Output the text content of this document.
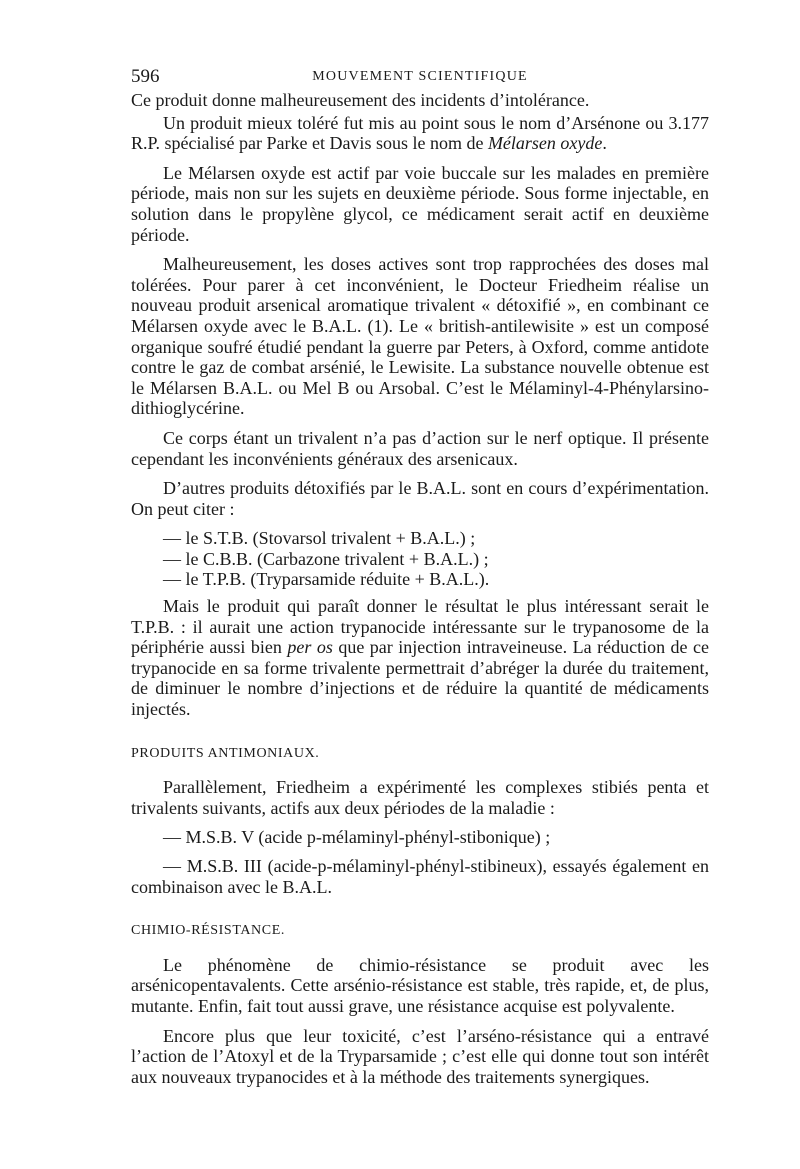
596	MOUVEMENT SCIENTIFIQUE

Ce produit donne malheureusement des incidents d’intolérance.

Un produit mieux toléré fut mis au point sous le nom d’Arsénone ou 3.177 R.P. spécialisé par Parke et Davis sous le nom de Mélarsen oxyde.

Le Mélarsen oxyde est actif par voie buccale sur les malades en première période, mais non sur les sujets en deuxième période. Sous forme injectable, en solution dans le propylène glycol, ce médicament serait actif en deuxième période.

Malheureusement, les doses actives sont trop rapprochées des doses mal tolérées. Pour parer à cet inconvénient, le Docteur Friedheim réalise un nouveau produit arsenical aromatique trivalent « détoxifié », en combinant ce Mélarsen oxyde avec le B.A.L. (1). Le « british-antilewisite » est un composé organique soufré étudié pendant la guerre par Peters, à Oxford, comme antidote contre le gaz de combat arsénié, le Lewisite. La substance nouvelle obtenue est le Mélarsen B.A.L. ou Mel B ou Arsobal. C’est le Mélaminyl-4-Phénylarsino-dithioglycérine.

Ce corps étant un trivalent n’a pas d’action sur le nerf optique. Il présente cependant les inconvénients généraux des arsenicaux.

D’autres produits détoxifiés par le B.A.L. sont en cours d’expérimentation. On peut citer :

— le S.T.B. (Stovarsol trivalent + B.A.L.) ;

— le C.B.B. (Carbazone trivalent + B.A.L.) ;

— le T.P.B. (Tryparsamide réduite + B.A.L.).

Mais le produit qui paraît donner le résultat le plus intéressant serait le T.P.B. : il aurait une action trypanocide intéressante sur le trypanosome de la périphérie aussi bien per os que par injection intraveineuse. La réduction de ce trypanocide en sa forme trivalente permettrait d’abréger la durée du traitement, de diminuer le nombre d’injections et de réduire la quantité de médicaments injectés.

PRODUITS ANTIMONIAUX.

Parallèlement, Friedheim a expérimenté les complexes stibiés penta et trivalents suivants, actifs aux deux périodes de la maladie :

— M.S.B. V (acide p-mélaminyl-phényl-stibonique) ;

— M.S.B. III (acide-p-mélaminyl-phényl-stibineux), essayés également en combinaison avec le B.A.L.

CHIMIO-RÉSISTANCE.

Le phénomène de chimio-résistance se produit avec les arsénicopentavalents. Cette arsénio-résistance est stable, très rapide, et, de plus, mutante. Enfin, fait tout aussi grave, une résistance acquise est polyvalente.

Encore plus que leur toxicité, c’est l’arséno-résistance qui a entravé l’action de l’Atoxyl et de la Tryparsamide ; c’est elle qui donne tout son intérêt aux nouveaux trypanocides et à la méthode des traitements synergiques.
